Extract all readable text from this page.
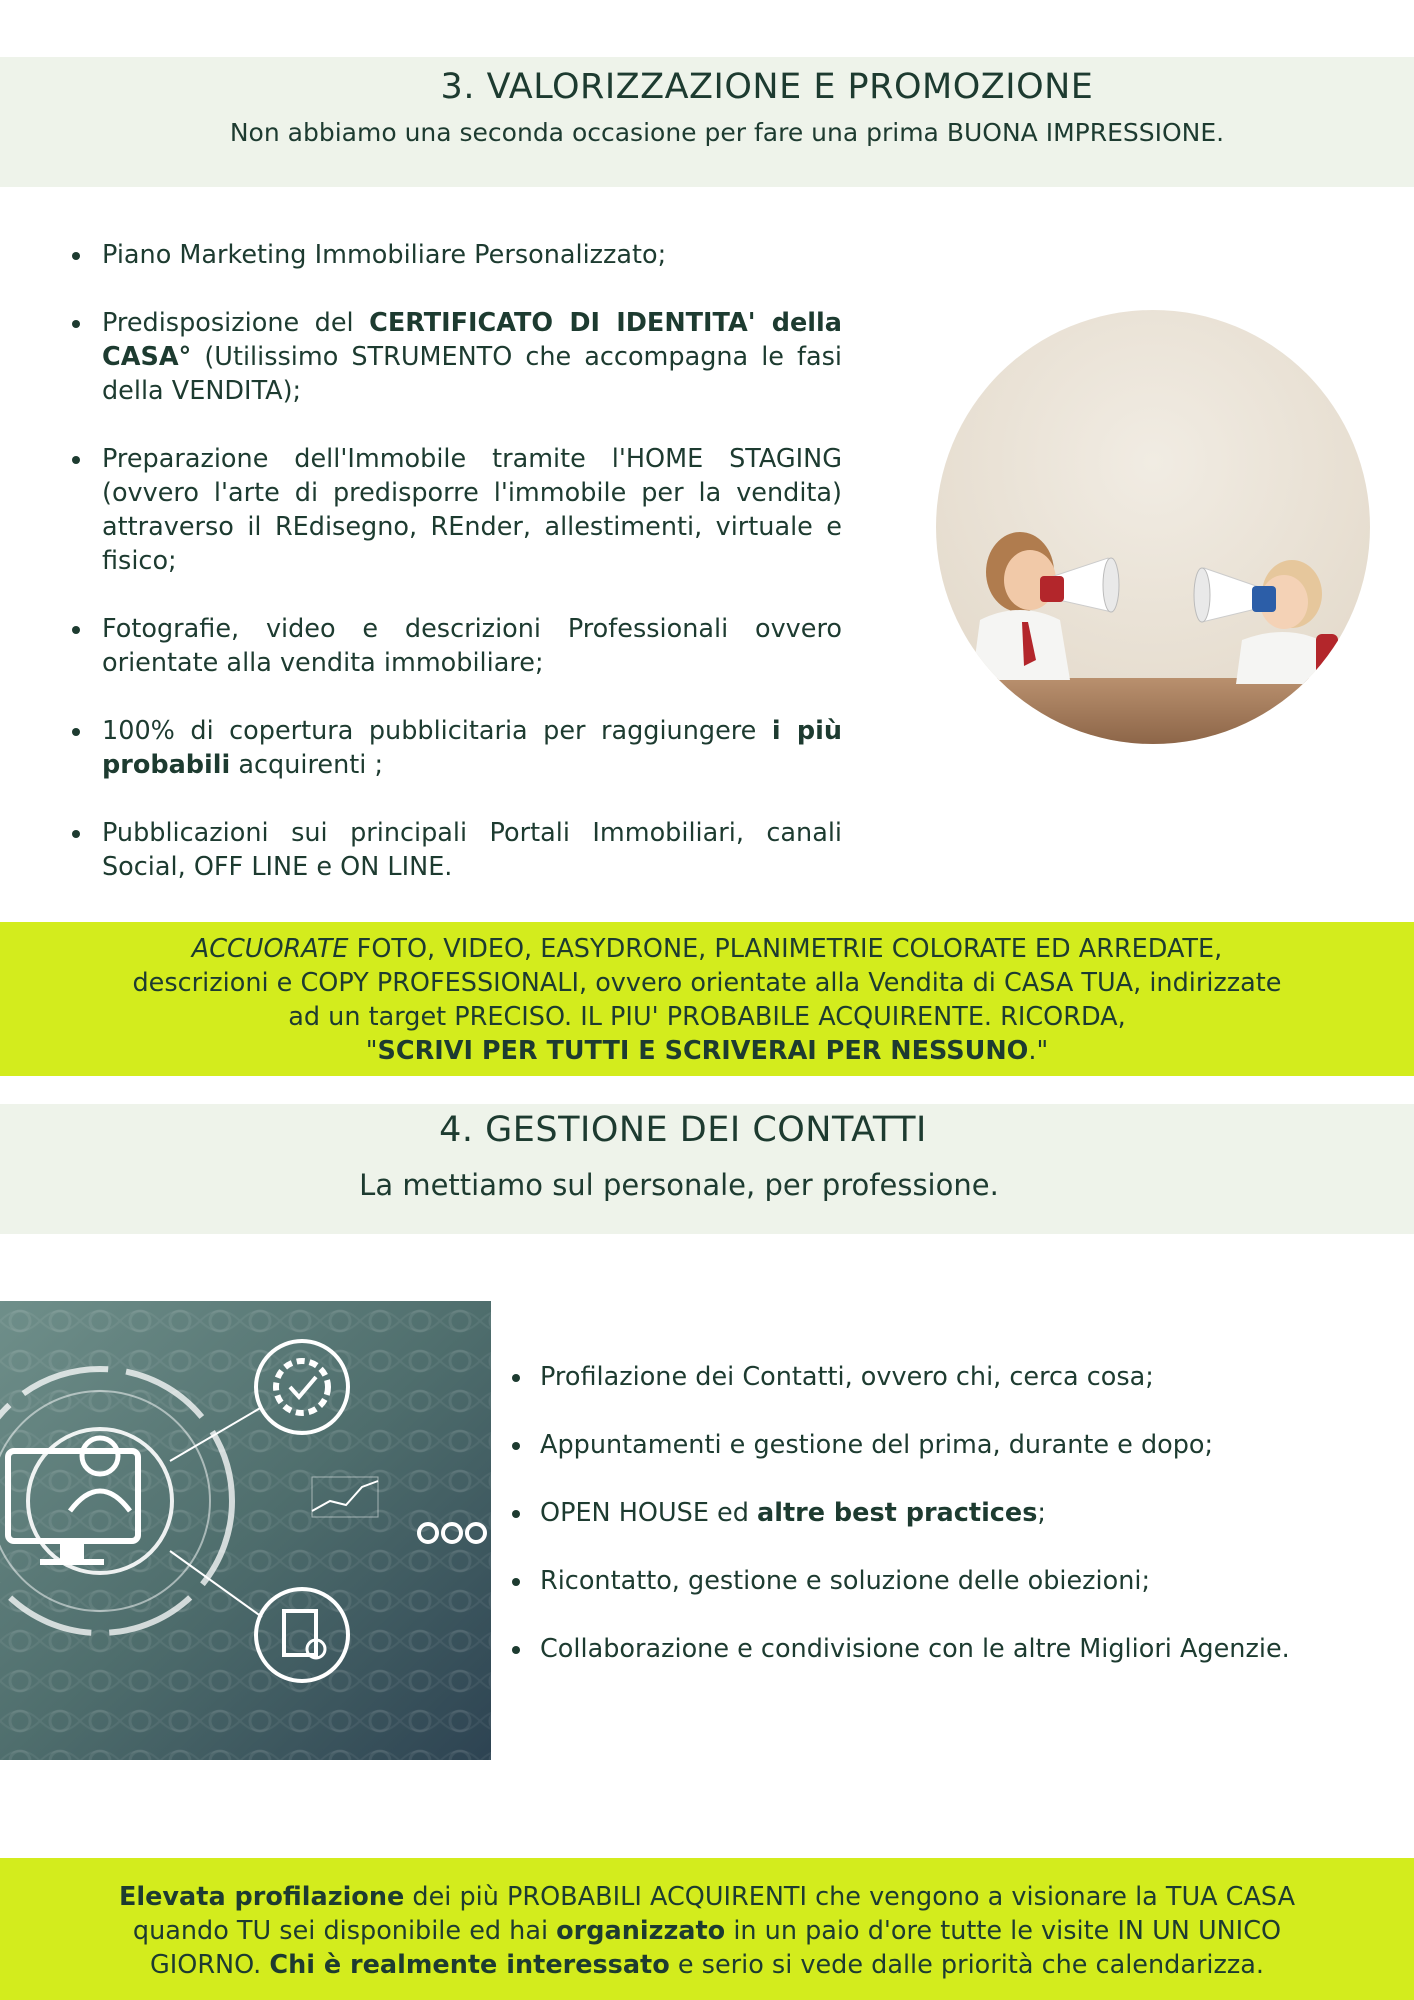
3. VALORIZZAZIONE E PROMOZIONE

Non abbiamo una seconda occasione per fare una prima BUONA IMPRESSIONE.

Piano Marketing Immobiliare Personalizzato;
Predisposizione del CERTIFICATO DI IDENTITA' della CASA° (Utilissimo STRUMENTO che accompagna le fasi della VENDITA);
Preparazione dell'Immobile tramite l'HOME STAGING (ovvero l'arte di predisporre l'immobile per la vendita) attraverso il REdisegno, REnder, allestimenti, virtuale e fisico;
Fotografie, video e descrizioni Professionali ovvero orientate alla vendita immobiliare;
100% di copertura pubblicitaria per raggiungere i più probabili acquirenti ;
Pubblicazioni sui principali Portali Immobiliari, canali Social, OFF LINE e ON LINE.

ACCUORATE FOTO, VIDEO, EASYDRONE, PLANIMETRIE COLORATE ED ARREDATE,
descrizioni e COPY PROFESSIONALI, ovvero orientate alla Vendita di CASA TUA, indirizzate
ad un target PRECISO. IL PIU' PROBABILE ACQUIRENTE. RICORDA,
"SCRIVI PER TUTTI E SCRIVERAI PER NESSUNO."

4. GESTIONE DEI CONTATTI

La mettiamo sul personale, per professione.

Profilazione dei Contatti, ovvero chi, cerca cosa;
Appuntamenti e gestione del prima, durante e dopo;
OPEN HOUSE ed altre best practices;
Ricontatto, gestione e soluzione delle obiezioni;
Collaborazione e condivisione con le altre Migliori Agenzie.

Elevata profilazione dei più PROBABILI ACQUIRENTI che vengono a visionare la TUA CASA
quando TU sei disponibile ed hai organizzato in un paio d'ore tutte le visite IN UN UNICO
GIORNO. Chi è realmente interessato e serio si vede dalle priorità che calendarizza.
